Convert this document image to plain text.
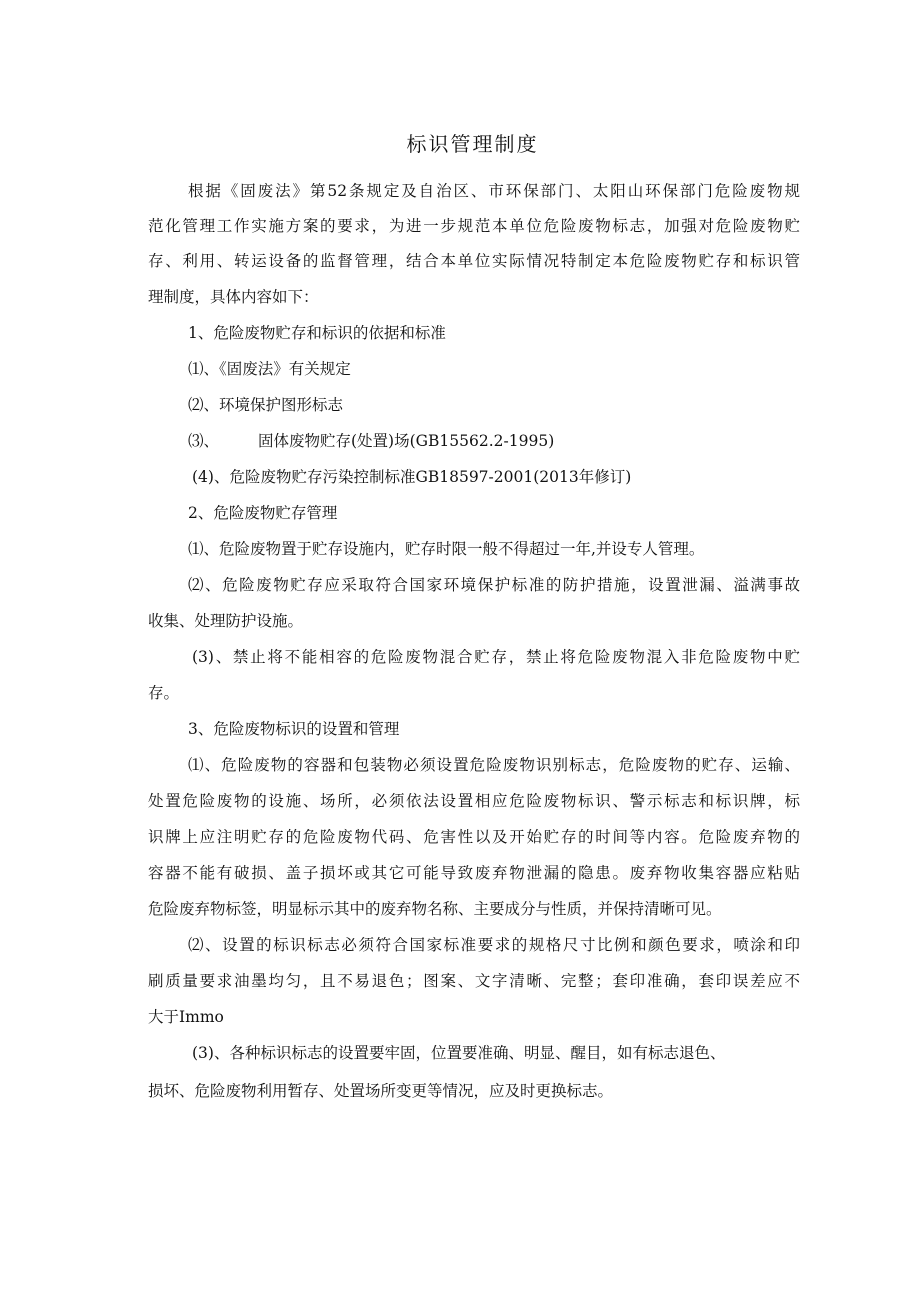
标识管理制度
根据《固废法》第52条规定及自治区、市环保部门、太阳山环保部门危险废物规
范化管理工作实施方案的要求，为进一步规范本单位危险废物标志，加强对危险废物贮
存、利用、转运设备的监督管理，结合本单位实际情况特制定本危险废物贮存和标识管
理制度，具体内容如下：
1、危险废物贮存和标识的依据和标准
⑴、《固废法》有关规定
⑵、环境保护图形标志
⑶、	固体废物贮存(处置)场(GB15562.2-1995)
(4)、危险废物贮存污染控制标准GB18597-2001(2013年修订)
2、危险废物贮存管理
⑴、危险废物置于贮存设施内，贮存时限一般不得超过一年,并设专人管理。
⑵、危险废物贮存应采取符合国家环境保护标准的防护措施，设置泄漏、溢满事故
收集、处理防护设施。
(3)、禁止将不能相容的危险废物混合贮存，禁止将危险废物混入非危险废物中贮
存。
3、危险废物标识的设置和管理
⑴、危险废物的容器和包装物必须设置危险废物识别标志，危险废物的贮存、运输、
处置危险废物的设施、场所，必须依法设置相应危险废物标识、警示标志和标识牌，标
识牌上应注明贮存的危险废物代码、危害性以及开始贮存的时间等内容。危险废弃物的
容器不能有破损、盖子损坏或其它可能导致废弃物泄漏的隐患。废弃物收集容器应粘贴
危险废弃物标签，明显标示其中的废弃物名称、主要成分与性质，并保持清晰可见。
⑵、设置的标识标志必须符合国家标准要求的规格尺寸比例和颜色要求，喷涂和印
刷质量要求油墨均匀，且不易退色；图案、文字清晰、完整；套印准确，套印误差应不
大于Immo
(3)、各种标识标志的设置要牢固，位置要准确、明显、醒目，如有标志退色、
损坏、危险废物利用暂存、处置场所变更等情况，应及时更换标志。
